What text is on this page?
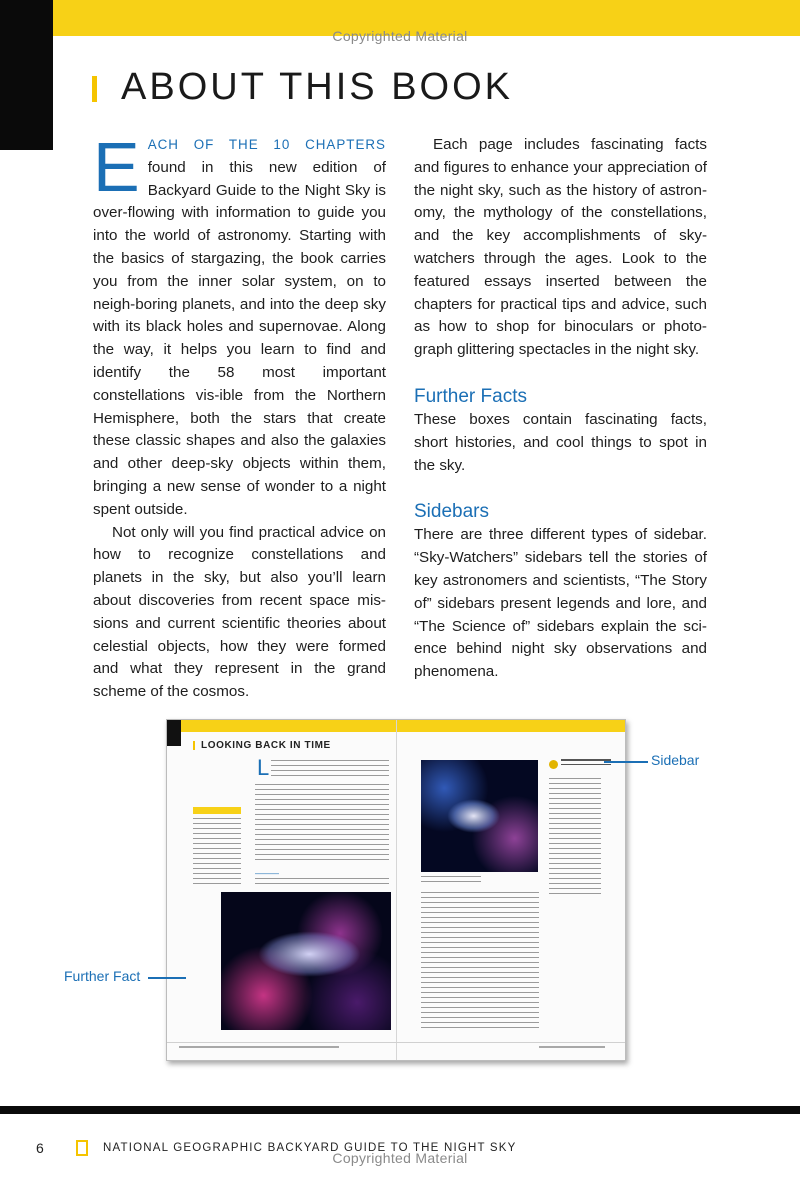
Copyrighted Material
ABOUT THIS BOOK

EACH OF THE 10 CHAPTERS found in this new edition of Backyard Guide to the Night Sky is over-flowing with information to guide you into the world of astronomy. Starting with the basics of stargazing, the book carries you from the inner solar system, on to neigh-boring planets, and into the deep sky with its black holes and supernovae. Along the way, it helps you learn to find and identify the 58 most important constellations vis-ible from the Northern Hemisphere, both the stars that create these classic shapes and also the galaxies and other deep-sky objects within them, bringing a new sense of wonder to a night spent outside.

Not only will you find practical advice on how to recognize constellations and planets in the sky, but also you’ll learn about discoveries from recent space mis-sions and current scientific theories about celestial objects, how they were formed and what they represent in the grand scheme of the cosmos.

Each page includes fascinating facts and figures to enhance your appreciation of the night sky, such as the history of astron-omy, the mythology of the constellations, and the key accomplishments of sky-watchers through the ages. Look to the featured essays inserted between the chapters for practical tips and advice, such as how to shop for binoculars or photo-graph glittering spectacles in the night sky.

Further Facts

These boxes contain fascinating facts, short histories, and cool things to spot in the sky.

Sidebars

There are three different types of sidebar. “Sky-Watchers” sidebars tell the stories of key astronomers and scientists, “The Story of” sidebars present legends and lore, and “The Science of” sidebars explain the sci-ence behind night sky observations and phenomena.

LOOKING BACK IN TIME
L
———
Sidebar
Further Fact
6	NATIONAL GEOGRAPHIC BACKYARD GUIDE TO THE NIGHT SKY
Copyrighted Material
